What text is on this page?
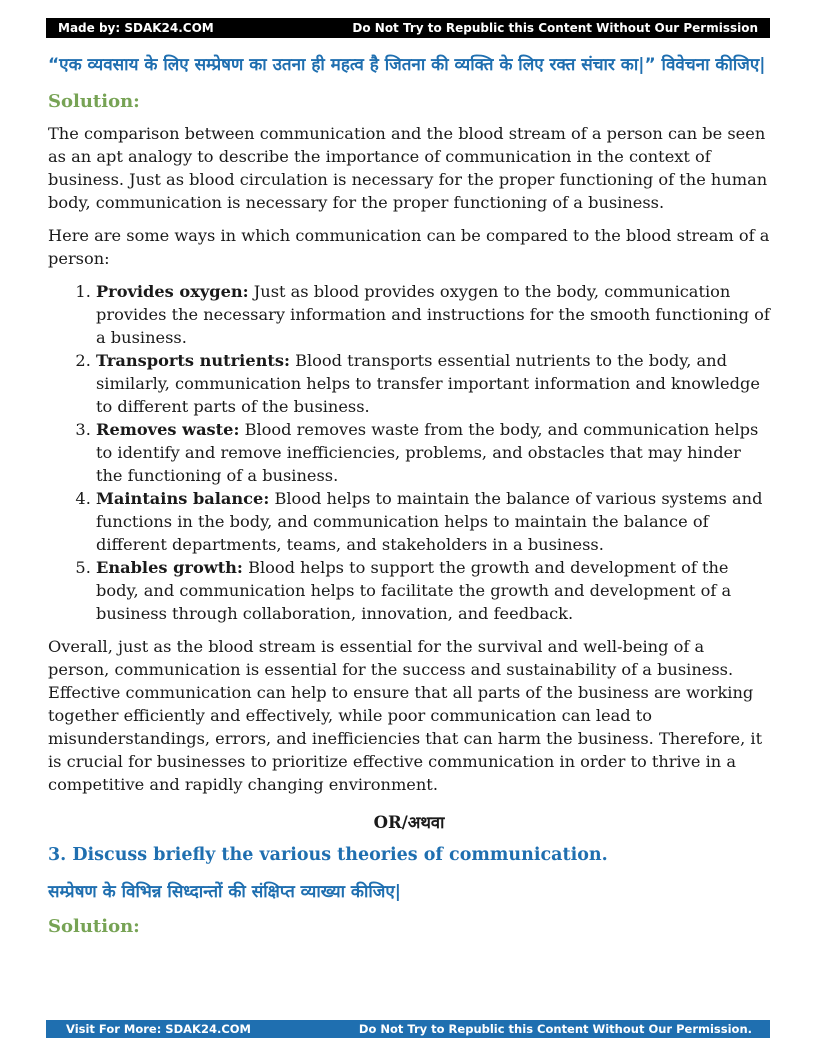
Made by: SDAK24.COM	Do Not Try to Republic this Content Without Our Permission

“एक व्यवसाय के लिए सम्प्रेषण का उतना ही महत्व है जितना की व्यक्ति के लिए रक्त संचार का|” विवेचना कीजिए|

Solution:

The comparison between communication and the blood stream of a person can be seen as an apt analogy to describe the importance of communication in the context of business. Just as blood circulation is necessary for the proper functioning of the human body, communication is necessary for the proper functioning of a business.

Here are some ways in which communication can be compared to the blood stream of a person:

1. Provides oxygen: Just as blood provides oxygen to the body, communication provides the necessary information and instructions for the smooth functioning of a business.
2. Transports nutrients: Blood transports essential nutrients to the body, and similarly, communication helps to transfer important information and knowledge to different parts of the business.
3. Removes waste: Blood removes waste from the body, and communication helps to identify and remove inefficiencies, problems, and obstacles that may hinder the functioning of a business.
4. Maintains balance: Blood helps to maintain the balance of various systems and functions in the body, and communication helps to maintain the balance of different departments, teams, and stakeholders in a business.
5. Enables growth: Blood helps to support the growth and development of the body, and communication helps to facilitate the growth and development of a business through collaboration, innovation, and feedback.

Overall, just as the blood stream is essential for the survival and well-being of a person, communication is essential for the success and sustainability of a business. Effective communication can help to ensure that all parts of the business are working together efficiently and effectively, while poor communication can lead to misunderstandings, errors, and inefficiencies that can harm the business. Therefore, it is crucial for businesses to prioritize effective communication in order to thrive in a competitive and rapidly changing environment.

OR/अथवा
3. Discuss briefly the various theories of communication.
सम्प्रेषण के विभिन्न सिध्दान्तों की संक्षिप्त व्याख्या कीजिए|
Solution:
Visit For More: SDAK24.COM	Do Not Try to Republic this Content Without Our Permission.
